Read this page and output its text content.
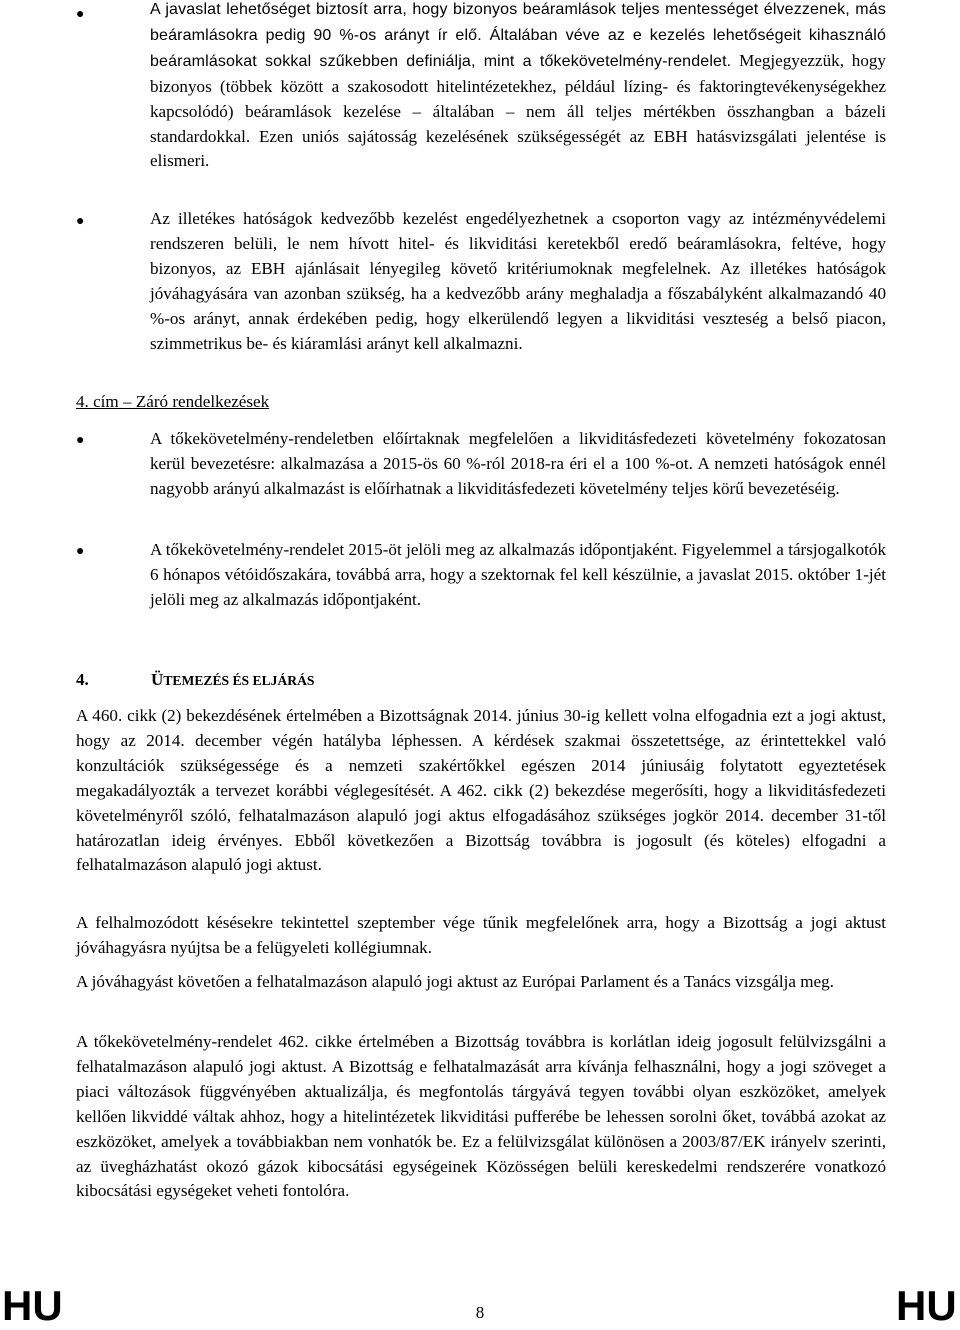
●	A javaslat lehetőséget biztosít arra, hogy bizonyos beáramlások teljes mentességet élvezzenek, más beáramlásokra pedig 90 %-os arányt ír elő. Általában véve az e kezelés lehetőségeit kihasználó beáramlásokat sokkal szűkebben definiálja, mint a tőkekövetelmény-rendelet. Megjegyezzük, hogy bizonyos (többek között a szakosodott hitelintézetekhez, például lízing- és faktoringtevékenységekhez kapcsolódó) beáramlások kezelése – általában – nem áll teljes mértékben összhangban a bázeli standardokkal. Ezen uniós sajátosság kezelésének szükségességét az EBH hatásvizsgálati jelentése is elismeri.
●	Az illetékes hatóságok kedvezőbb kezelést engedélyezhetnek a csoporton vagy az intézményvédelemi rendszeren belüli, le nem hívott hitel- és likviditási keretekből eredő beáramlásokra, feltéve, hogy bizonyos, az EBH ajánlásait lényegileg követő kritériumoknak megfelelnek. Az illetékes hatóságok jóváhagyására van azonban szükség, ha a kedvezőbb arány meghaladja a főszabályként alkalmazandó 40 %-os arányt, annak érdekében pedig, hogy elkerülendő legyen a likviditási veszteség a belső piacon, szimmetrikus be- és kiáramlási arányt kell alkalmazni.
4. cím – Záró rendelkezések
●	A tőkekövetelmény-rendeletben előírtaknak megfelelően a likviditásfedezeti követelmény fokozatosan kerül bevezetésre: alkalmazása a 2015-ös 60 %-ról 2018-ra éri el a 100 %-ot. A nemzeti hatóságok ennél nagyobb arányú alkalmazást is előírhatnak a likviditásfedezeti követelmény teljes körű bevezetéséig.
●	A tőkekövetelmény-rendelet 2015-öt jelöli meg az alkalmazás időpontjaként. Figyelemmel a társjogalkotók 6 hónapos vétóidőszakára, továbbá arra, hogy a szektornak fel kell készülnie, a javaslat 2015. október 1-jét jelöli meg az alkalmazás időpontjaként.
4.	ÜTEMEZÉS ÉS ELJÁRÁS
A 460. cikk (2) bekezdésének értelmében a Bizottságnak 2014. június 30-ig kellett volna elfogadnia ezt a jogi aktust, hogy az 2014. december végén hatályba léphessen. A kérdések szakmai összetettsége, az érintettekkel való konzultációk szükségessége és a nemzeti szakértőkkel egészen 2014 júniusáig folytatott egyeztetések megakadályozták a tervezet korábbi véglegesítését. A 462. cikk (2) bekezdése megerősíti, hogy a likviditásfedezeti követelményről szóló, felhatalmazáson alapuló jogi aktus elfogadásához szükséges jogkör 2014. december 31-től határozatlan ideig érvényes. Ebből következően a Bizottság továbbra is jogosult (és köteles) elfogadni a felhatalmazáson alapuló jogi aktust.
A felhalmozódott késésekre tekintettel szeptember vége tűnik megfelelőnek arra, hogy a Bizottság a jogi aktust jóváhagyásra nyújtsa be a felügyeleti kollégiumnak.
A jóváhagyást követően a felhatalmazáson alapuló jogi aktust az Európai Parlament és a Tanács vizsgálja meg.
A tőkekövetelmény-rendelet 462. cikke értelmében a Bizottság továbbra is korlátlan ideig jogosult felülvizsgálni a felhatalmazáson alapuló jogi aktust. A Bizottság e felhatalmazását arra kívánja felhasználni, hogy a jogi szöveget a piaci változások függvényében aktualizálja, és megfontolás tárgyává tegyen további olyan eszközöket, amelyek kellően likviddé váltak ahhoz, hogy a hitelintézetek likviditási pufferébe be lehessen sorolni őket, továbbá azokat az eszközöket, amelyek a továbbiakban nem vonhatók be. Ez a felülvizsgálat különösen a 2003/87/EK irányelv szerinti, az üvegházhatást okozó gázok kibocsátási egységeinek Közösségen belüli kereskedelmi rendszerére vonatkozó kibocsátási egységeket veheti fontolóra.
HU	8	HU
